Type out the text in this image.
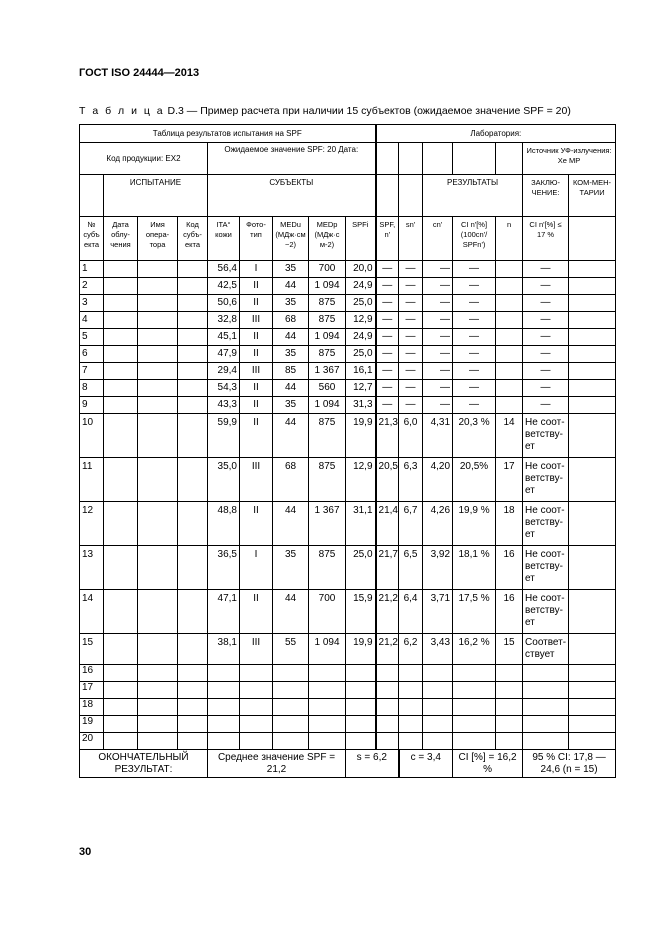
ГОСТ ISO 24444—2013
Т а б л и ц а D.3 — Пример расчета при наличии 15 субъектов (ожидаемое значение SPF = 20)
Таблица результатов испытания на SPF									Лаборатория:						
Код продукции: EX2				Ожидаемое значение SPF: 20 Дата:										Источник УФ-излучения: Xe MP	
	ИСПЫТАНИЕ			СУБЪЕКТЫ							РЕЗУЛЬТАТЫ			ЗАКЛЮ-ЧЕНИЕ:	КОМ-МЕН-ТАРИИ
№ субъ екта	Дата облу-чения	Имя опера-тора	Код субъ-екта	ITA° кожи	Фото-тип	MEDu (МДж·см −2)	MEDp (МДж·с м-2)	SPFi	SPF, n'	sn'	cn'	CI n'[%] (100cn'/ SPFn')	n	CI n'[%] ≤ 17 %	
1				56,4	I	35	700	20,0	—	—	—	—		—	
2				42,5	II	44	1 094	24,9	—	—	—	—		—	
3				50,6	II	35	875	25,0	—	—	—	—		—	
4				32,8	III	68	875	12,9	—	—	—	—		—	
5				45,1	II	44	1 094	24,9	—	—	—	—		—	
6				47,9	II	35	875	25,0	—	—	—	—		—	
7				29,4	III	85	1 367	16,1	—	—	—	—		—	
8				54,3	II	44	560	12,7	—	—	—	—		—	
9				43,3	II	35	1 094	31,3	—	—	—	—		—	
10				59,9	II	44	875	19,9	21,3	6,0	4,31	20,3 %	14	Не соот-ветству-ет	
11				35,0	III	68	875	12,9	20,5	6,3	4,20	20,5%	17	Не соот-ветству-ет	
12				48,8	II	44	1 367	31,1	21,4	6,7	4,26	19,9 %	18	Не соот-ветству-ет	
13				36,5	I	35	875	25,0	21,7	6,5	3,92	18,1 %	16	Не соот-ветству-ет	
14				47,1	II	44	700	15,9	21,2	6,4	3,71	17,5 %	16	Не соот-ветству-ет	
15				38,1	III	55	1 094	19,9	21,2	6,2	3,43	16,2 %	15	Соответ-ствует	
16															
17															
18															
19															
20															
ОКОНЧАТЕЛЬНЫЙ РЕЗУЛЬТАТ:				Среднее значение SPF = 21,2				s = 6,2		c = 3,4		CI [%] = 16,2 %		95 % CI: 17,8 — 24,6 (n = 15)	
30
